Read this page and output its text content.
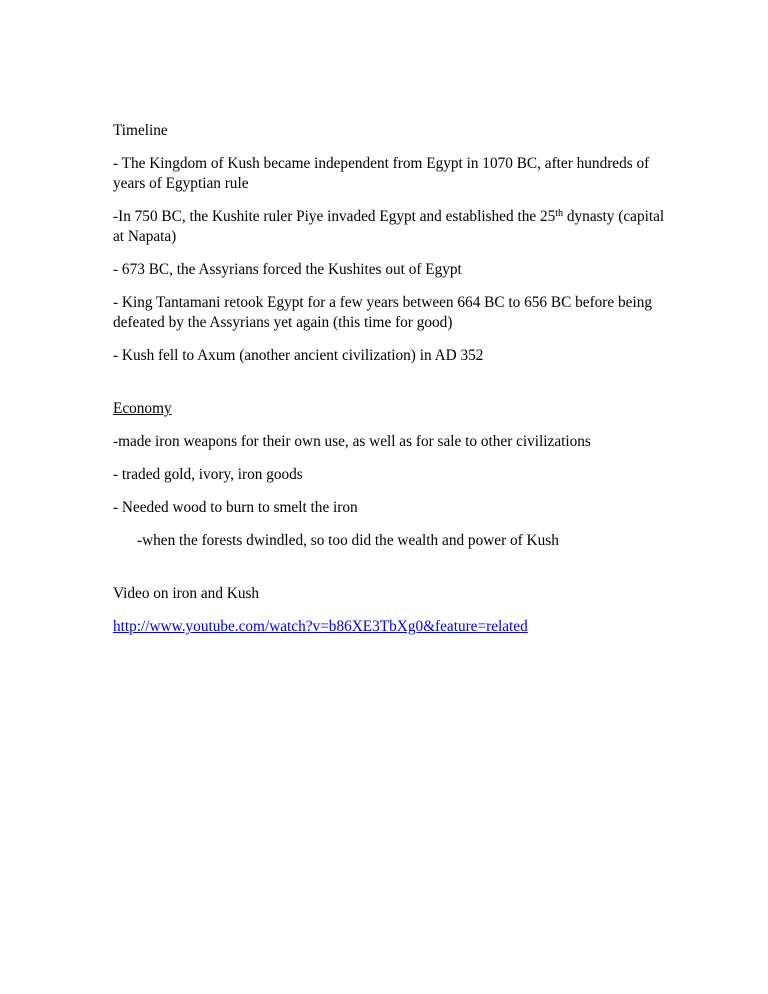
Timeline

- The Kingdom of Kush became independent from Egypt in 1070 BC, after hundreds of years of Egyptian rule

-In 750 BC, the Kushite ruler Piye invaded Egypt and established the 25th dynasty (capital at Napata)

- 673 BC, the Assyrians forced the Kushites out of Egypt

- King Tantamani retook Egypt for a few years between 664 BC to 656 BC before being defeated by the Assyrians yet again (this time for good)

- Kush fell to Axum (another ancient civilization) in AD 352

Economy

-made iron weapons for their own use, as well as for sale to other civilizations

- traded gold, ivory, iron goods

- Needed wood to burn to smelt the iron

-when the forests dwindled, so too did the wealth and power of Kush

Video on iron and Kush

http://www.youtube.com/watch?v=b86XE3TbXg0&feature=related
